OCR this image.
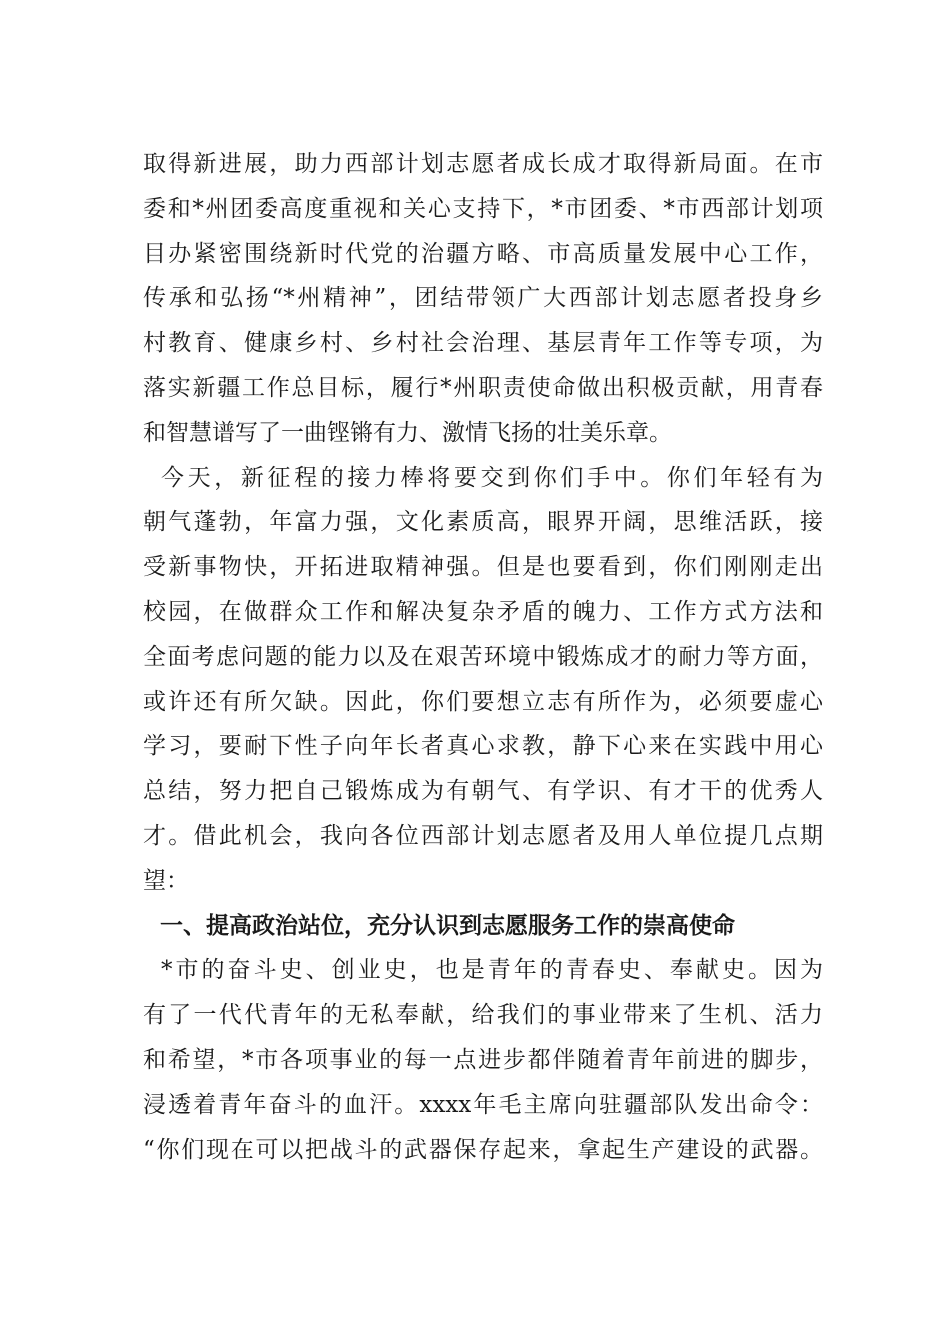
取得新进展，助力西部计划志愿者成长成才取得新局面。在市
委和*州团委高度重视和关心支持下，*市团委、*市西部计划项
目办紧密围绕新时代党的治疆方略、市高质量发展中心工作，
传承和弘扬“*州精神”，团结带领广大西部计划志愿者投身乡
村教育、健康乡村、乡村社会治理、基层青年工作等专项，为
落实新疆工作总目标，履行*州职责使命做出积极贡献，用青春
和智慧谱写了一曲铿锵有力、激情飞扬的壮美乐章。
今天，新征程的接力棒将要交到你们手中。你们年轻有为
朝气蓬勃，年富力强，文化素质高，眼界开阔，思维活跃，接
受新事物快，开拓进取精神强。但是也要看到，你们刚刚走出
校园，在做群众工作和解决复杂矛盾的魄力、工作方式方法和
全面考虑问题的能力以及在艰苦环境中锻炼成才的耐力等方面，
或许还有所欠缺。因此，你们要想立志有所作为，必须要虚心
学习，要耐下性子向年长者真心求教，静下心来在实践中用心
总结，努力把自己锻炼成为有朝气、有学识、有才干的优秀人
才。借此机会，我向各位西部计划志愿者及用人单位提几点期
望：
一、提高政治站位，充分认识到志愿服务工作的崇高使命
*市的奋斗史、创业史，也是青年的青春史、奉献史。因为
有了一代代青年的无私奉献，给我们的事业带来了生机、活力
和希望，*市各项事业的每一点进步都伴随着青年前进的脚步，
浸透着青年奋斗的血汗。xxxx年毛主席向驻疆部队发出命令：
“你们现在可以把战斗的武器保存起来，拿起生产建设的武器。
